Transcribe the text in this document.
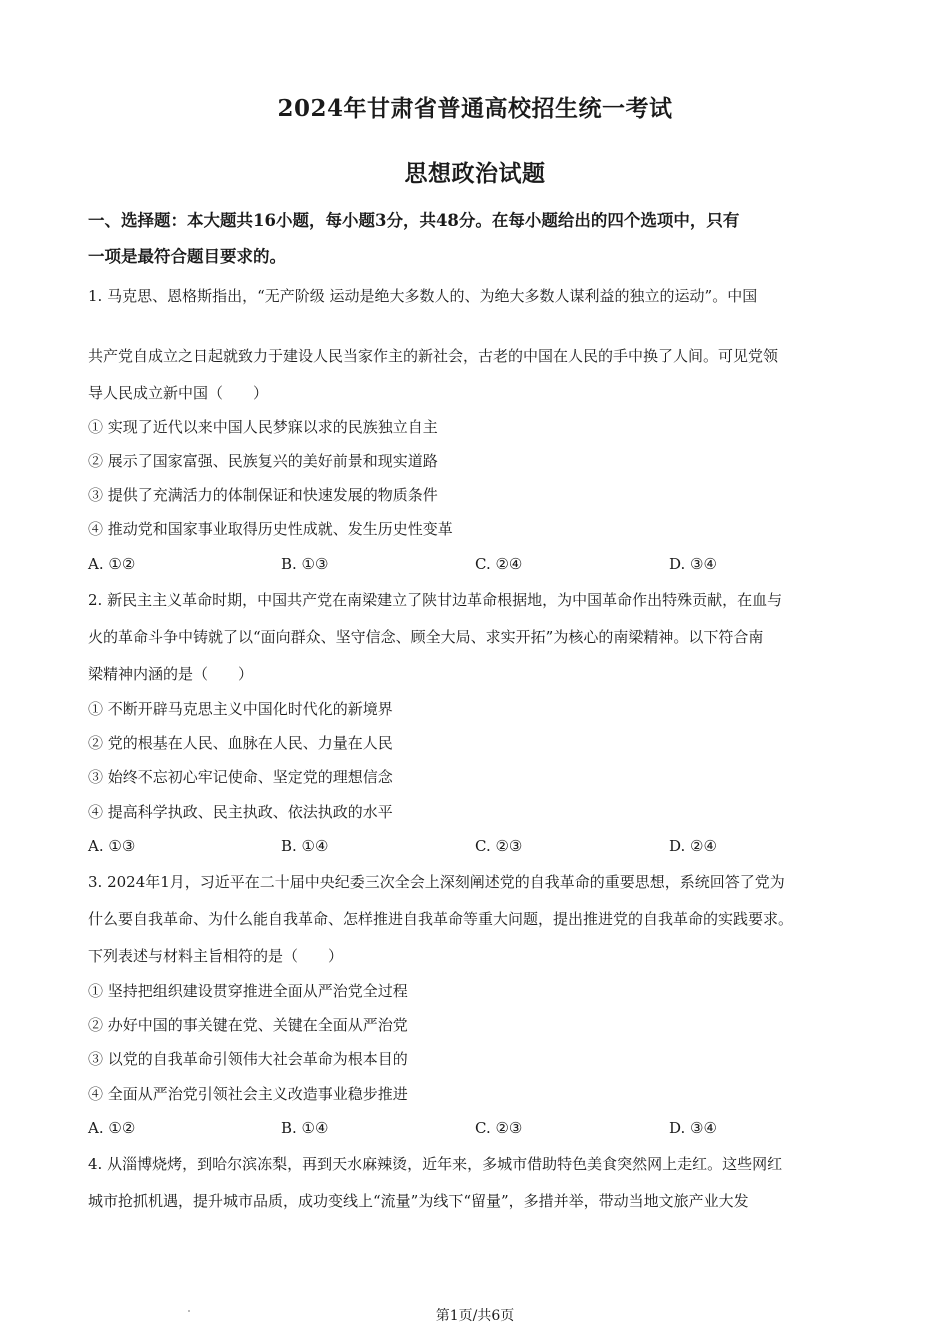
2024年甘肃省普通高校招生统一考试
思想政治试题
一、选择题：本大题共16小题，每小题3分，共48分。在每小题给出的四个选项中，只有
一项是最符合题目要求的。
1. 马克思、恩格斯指出，“无产阶级 运动是绝大多数人的、为绝大多数人谋利益的独立的运动”。中国
共产党自成立之日起就致力于建设人民当家作主的新社会，古老的中国在人民的手中换了人间。可见党领
导人民成立新中国（　　）
① 实现了近代以来中国人民梦寐以求的民族独立自主
② 展示了国家富强、民族复兴的美好前景和现实道路
③ 提供了充满活力的体制保证和快速发展的物质条件
④ 推动党和国家事业取得历史性成就、发生历史性变革
A. ①②	B. ①③	C. ②④	D. ③④
2. 新民主主义革命时期，中国共产党在南梁建立了陕甘边革命根据地，为中国革命作出特殊贡献，在血与
火的革命斗争中铸就了以“面向群众、坚守信念、顾全大局、求实开拓”为核心的南梁精神。以下符合南
梁精神内涵的是（　　）
① 不断开辟马克思主义中国化时代化的新境界
② 党的根基在人民、血脉在人民、力量在人民
③ 始终不忘初心牢记使命、坚定党的理想信念
④ 提高科学执政、民主执政、依法执政的水平
A. ①③	B. ①④	C. ②③	D. ②④
3. 2024年1月，习近平在二十届中央纪委三次全会上深刻阐述党的自我革命的重要思想，系统回答了党为
什么要自我革命、为什么能自我革命、怎样推进自我革命等重大问题，提出推进党的自我革命的实践要求。
下列表述与材料主旨相符的是（　　）
① 坚持把组织建设贯穿推进全面从严治党全过程
② 办好中国的事关键在党、关键在全面从严治党
③ 以党的自我革命引领伟大社会革命为根本目的
④ 全面从严治党引领社会主义改造事业稳步推进
A. ①②	B. ①④	C. ②③	D. ③④
4. 从淄博烧烤，到哈尔滨冻梨，再到天水麻辣烫，近年来，多城市借助特色美食突然网上走红。这些网红
城市抢抓机遇，提升城市品质，成功变线上“流量”为线下“留量”，多措并举，带动当地文旅产业大发
第1页/共6页
